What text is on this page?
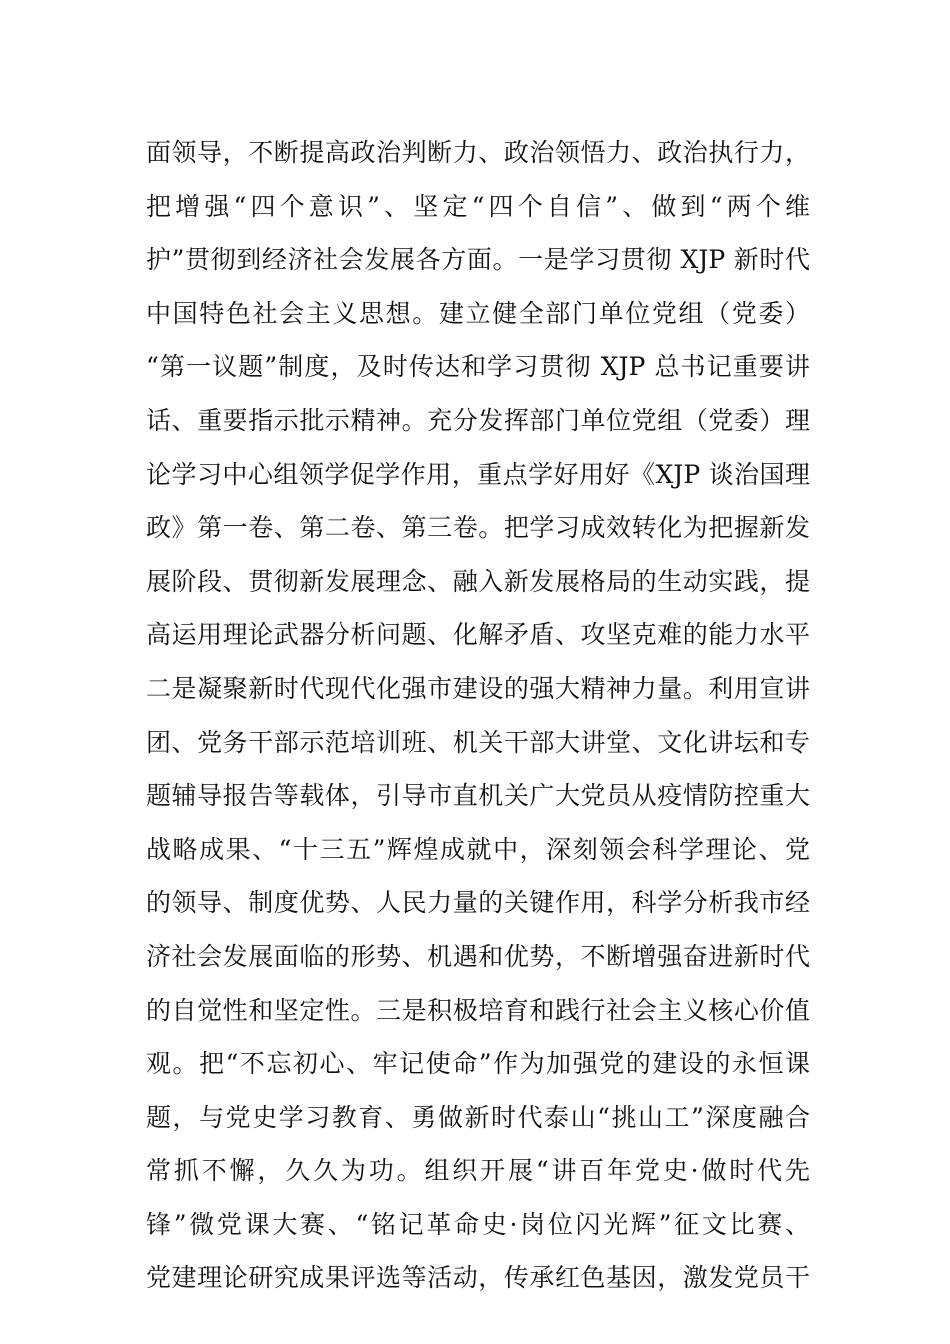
面领导，不断提高政治判断力、政治领悟力、政治执行力，
把增强“四个意识”、坚定“四个自信”、做到“两个维
护”贯彻到经济社会发展各方面。一是学习贯彻 XJP 新时代
中国特色社会主义思想。建立健全部门单位党组（党委）
“第一议题”制度，及时传达和学习贯彻 XJP 总书记重要讲
话、重要指示批示精神。充分发挥部门单位党组（党委）理
论学习中心组领学促学作用，重点学好用好《XJP 谈治国理
政》第一卷、第二卷、第三卷。把学习成效转化为把握新发
展阶段、贯彻新发展理念、融入新发展格局的生动实践，提
高运用理论武器分析问题、化解矛盾、攻坚克难的能力水平
二是凝聚新时代现代化强市建设的强大精神力量。利用宣讲
团、党务干部示范培训班、机关干部大讲堂、文化讲坛和专
题辅导报告等载体，引导市直机关广大党员从疫情防控重大
战略成果、“十三五”辉煌成就中，深刻领会科学理论、党
的领导、制度优势、人民力量的关键作用，科学分析我市经
济社会发展面临的形势、机遇和优势，不断增强奋进新时代
的自觉性和坚定性。三是积极培育和践行社会主义核心价值
观。把“不忘初心、牢记使命”作为加强党的建设的永恒课
题，与党史学习教育、勇做新时代泰山“挑山工”深度融合
常抓不懈，久久为功。组织开展“讲百年党史·做时代先
锋”微党课大赛、“铭记革命史·岗位闪光辉”征文比赛、
党建理论研究成果评选等活动，传承红色基因，激发党员干
